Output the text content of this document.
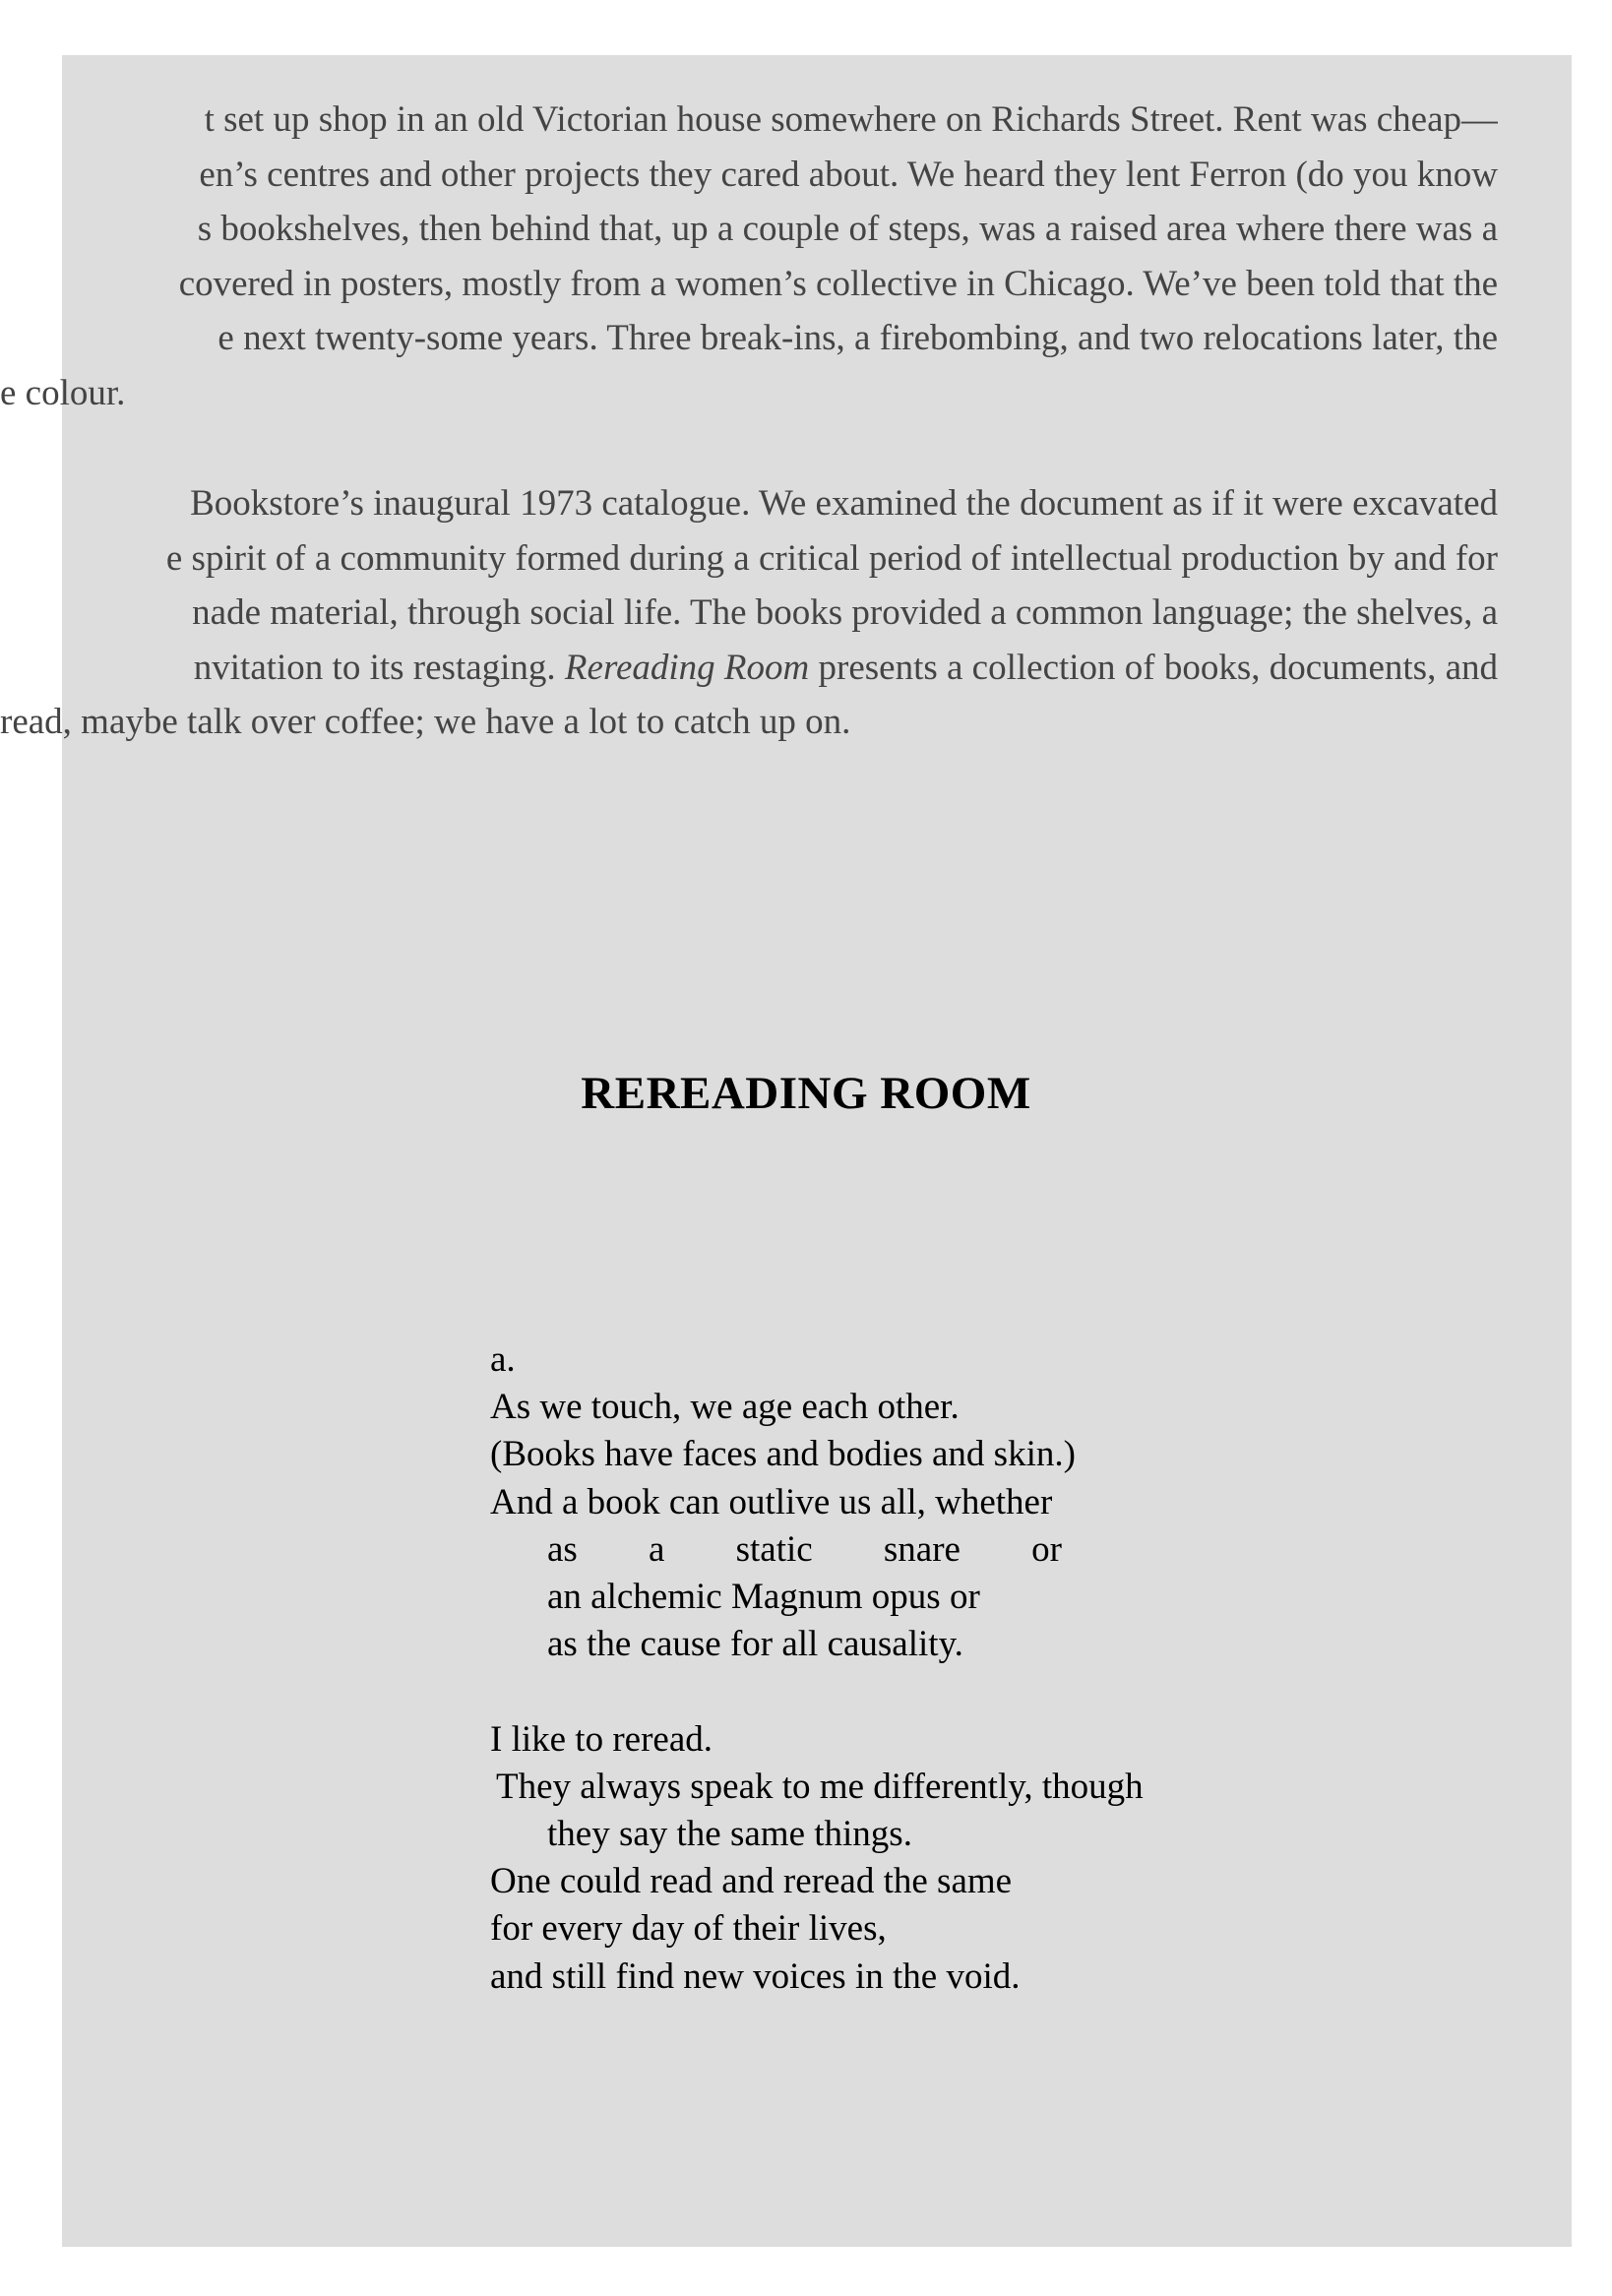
t set up shop in an old Victorian house somewhere on Richards Street. Rent was cheap—
en’s centres and other projects they cared about. We heard they lent Ferron (do you know
s bookshelves, then behind that, up a couple of steps, was a raised area where there was a
covered in posters, mostly from a women’s collective in Chicago. We’ve been told that the
e next twenty-some years. Three break-ins, a firebombing, and two relocations later, the
e colour.
Bookstore’s inaugural 1973 catalogue. We examined the document as if it were excavated
e spirit of a community formed during a critical period of intellectual production by and for
nade material, through social life. The books provided a common language; the shelves, a
nvitation to its restaging. Rereading Room presents a collection of books, documents, and
read, maybe talk over coffee; we have a lot to catch up on.
REREADING ROOM
a.
As we touch, we age each other.
(Books have faces and bodies and skin.)
And a book can outlive us all, whether
as a static snare or
an alchemic Magnum opus or
as the cause for all causality.
I like to reread.
They always speak to me differently, though
they say the same things.
One could read and reread the same
for every day of their lives,
and still find new voices in the void.
